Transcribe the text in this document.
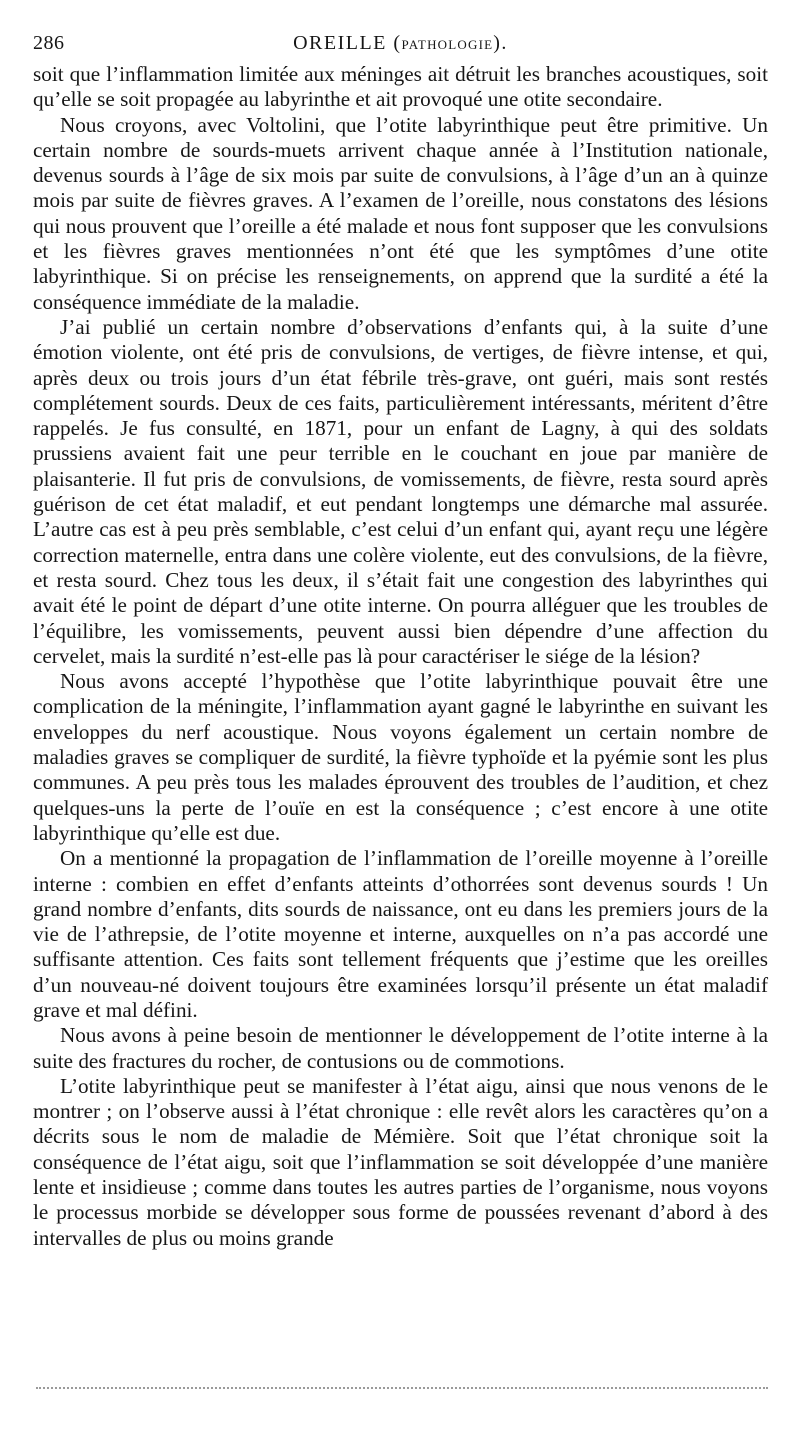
286	OREILLE (PATHOLOGIE).

soit que l’inflammation limitée aux méninges ait détruit les branches acoustiques, soit qu’elle se soit propagée au labyrinthe et ait provoqué une otite secondaire.

Nous croyons, avec Voltolini, que l’otite labyrinthique peut être primitive. Un certain nombre de sourds-muets arrivent chaque année à l’Institution nationale, devenus sourds à l’âge de six mois par suite de convulsions, à l’âge d’un an à quinze mois par suite de fièvres graves. A l’examen de l’oreille, nous constatons des lésions qui nous prouvent que l’oreille a été malade et nous font supposer que les convulsions et les fièvres graves mentionnées n’ont été que les symptômes d’une otite labyrinthique. Si on précise les renseignements, on apprend que la surdité a été la conséquence immédiate de la maladie.

J’ai publié un certain nombre d’observations d’enfants qui, à la suite d’une émotion violente, ont été pris de convulsions, de vertiges, de fièvre intense, et qui, après deux ou trois jours d’un état fébrile très-grave, ont guéri, mais sont restés complétement sourds. Deux de ces faits, particulièrement intéressants, méritent d’être rappelés. Je fus consulté, en 1871, pour un enfant de Lagny, à qui des soldats prussiens avaient fait une peur terrible en le couchant en joue par manière de plaisanterie. Il fut pris de convulsions, de vomissements, de fièvre, resta sourd après guérison de cet état maladif, et eut pendant longtemps une démarche mal assurée. L’autre cas est à peu près semblable, c’est celui d’un enfant qui, ayant reçu une légère correction maternelle, entra dans une colère violente, eut des convulsions, de la fièvre, et resta sourd. Chez tous les deux, il s’était fait une congestion des labyrinthes qui avait été le point de départ d’une otite interne. On pourra alléguer que les troubles de l’équilibre, les vomissements, peuvent aussi bien dépendre d’une affection du cervelet, mais la surdité n’est-elle pas là pour caractériser le siége de la lésion?

Nous avons accepté l’hypothèse que l’otite labyrinthique pouvait être une complication de la méningite, l’inflammation ayant gagné le labyrinthe en suivant les enveloppes du nerf acoustique. Nous voyons également un certain nombre de maladies graves se compliquer de surdité, la fièvre typhoïde et la pyémie sont les plus communes. A peu près tous les malades éprouvent des troubles de l’audition, et chez quelques-uns la perte de l’ouïe en est la conséquence ; c’est encore à une otite labyrinthique qu’elle est due.

On a mentionné la propagation de l’inflammation de l’oreille moyenne à l’oreille interne : combien en effet d’enfants atteints d’othorrées sont devenus sourds ! Un grand nombre d’enfants, dits sourds de naissance, ont eu dans les premiers jours de la vie de l’athrepsie, de l’otite moyenne et interne, auxquelles on n’a pas accordé une suffisante attention. Ces faits sont tellement fréquents que j’estime que les oreilles d’un nouveau-né doivent toujours être examinées lorsqu’il présente un état maladif grave et mal défini.

Nous avons à peine besoin de mentionner le développement de l’otite interne à la suite des fractures du rocher, de contusions ou de commotions.

L’otite labyrinthique peut se manifester à l’état aigu, ainsi que nous venons de le montrer ; on l’observe aussi à l’état chronique : elle revêt alors les caractères qu’on a décrits sous le nom de maladie de Mémière. Soit que l’état chronique soit la conséquence de l’état aigu, soit que l’inflammation se soit développée d’une manière lente et insidieuse ; comme dans toutes les autres parties de l’organisme, nous voyons le processus morbide se développer sous forme de poussées revenant d’abord à des intervalles de plus ou moins grande
